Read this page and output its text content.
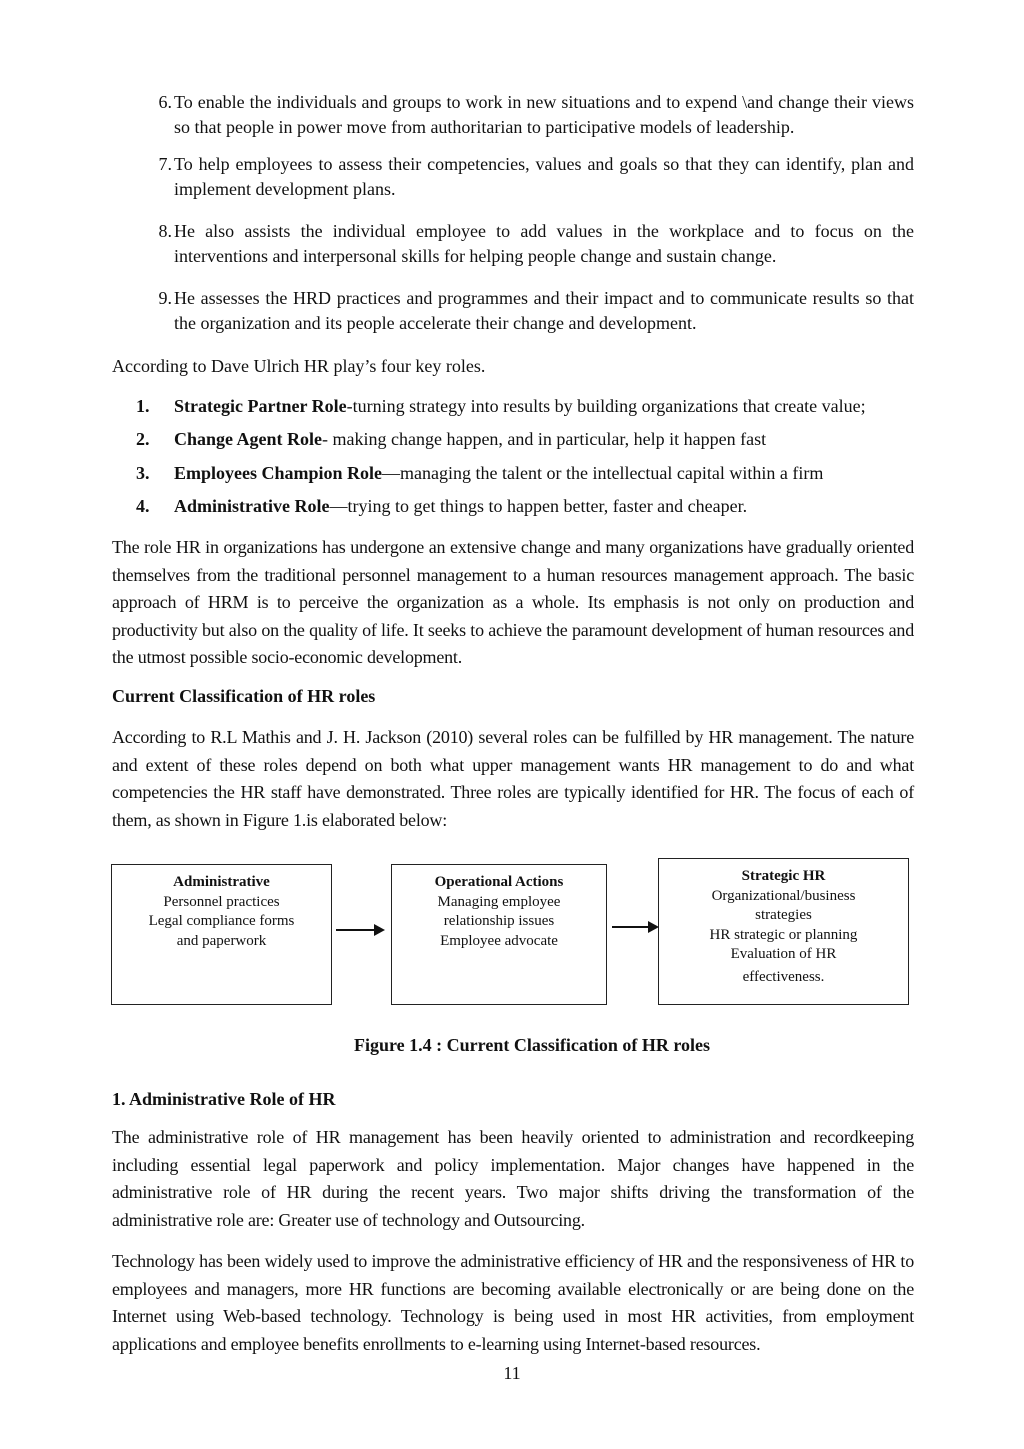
6. To enable the individuals and groups to work in new situations and to expend \and change their views so that people in power move from authoritarian to participative models of leadership.
7. To help employees to assess their competencies, values and goals so that they can identify, plan and implement development plans.
8. He also assists the individual employee to add values in the workplace and to focus on the interventions and interpersonal skills for helping people change and sustain change.
9. He assesses the HRD practices and programmes and their impact and to communicate results so that the organization and its people accelerate their change and development.
According to Dave Ulrich HR play’s four key roles.
1.	Strategic Partner Role-turning strategy into results by building organizations that create value;
2.	Change Agent Role- making change happen, and in particular, help it happen fast
3.	Employees Champion Role—managing the talent or the intellectual capital within a firm
4.	Administrative Role—trying to get things to happen better, faster and cheaper.
The role HR in organizations has undergone an extensive change and many organizations have gradually oriented themselves from the traditional personnel management to a human resources management approach. The basic approach of HRM is to perceive the organization as a whole. Its emphasis is not only on production and productivity but also on the quality of life. It seeks to achieve the paramount development of human resources and the utmost possible socio-economic development.
Current Classification of HR roles
According to R.L Mathis and J. H. Jackson (2010) several roles can be fulfilled by HR management. The nature and extent of these roles depend on both what upper management wants HR management to do and what competencies the HR staff have demonstrated. Three roles are typically identified for HR. The focus of each of them, as shown in Figure 1.is elaborated below:
Administrative
Personnel practices
Legal compliance forms
and paperwork
Operational Actions
Managing employee
relationship issues
Employee advocate
Strategic HR
Organizational/business
strategies
HR strategic or planning
Evaluation of HR
effectiveness.
Figure 1.4 : Current Classification of HR roles
1. Administrative Role of HR
The administrative role of HR management has been heavily oriented to administration and recordkeeping including essential legal paperwork and policy implementation. Major changes have happened in the administrative role of HR during the recent years. Two major shifts driving the transformation of the administrative role are: Greater use of technology and Outsourcing.
Technology has been widely used to improve the administrative efficiency of HR and the responsiveness of HR to employees and managers, more HR functions are becoming available electronically or are being done on the Internet using Web-based technology. Technology is being used in most HR activities, from employment applications and employee benefits enrollments to e-learning using Internet-based resources.
11
